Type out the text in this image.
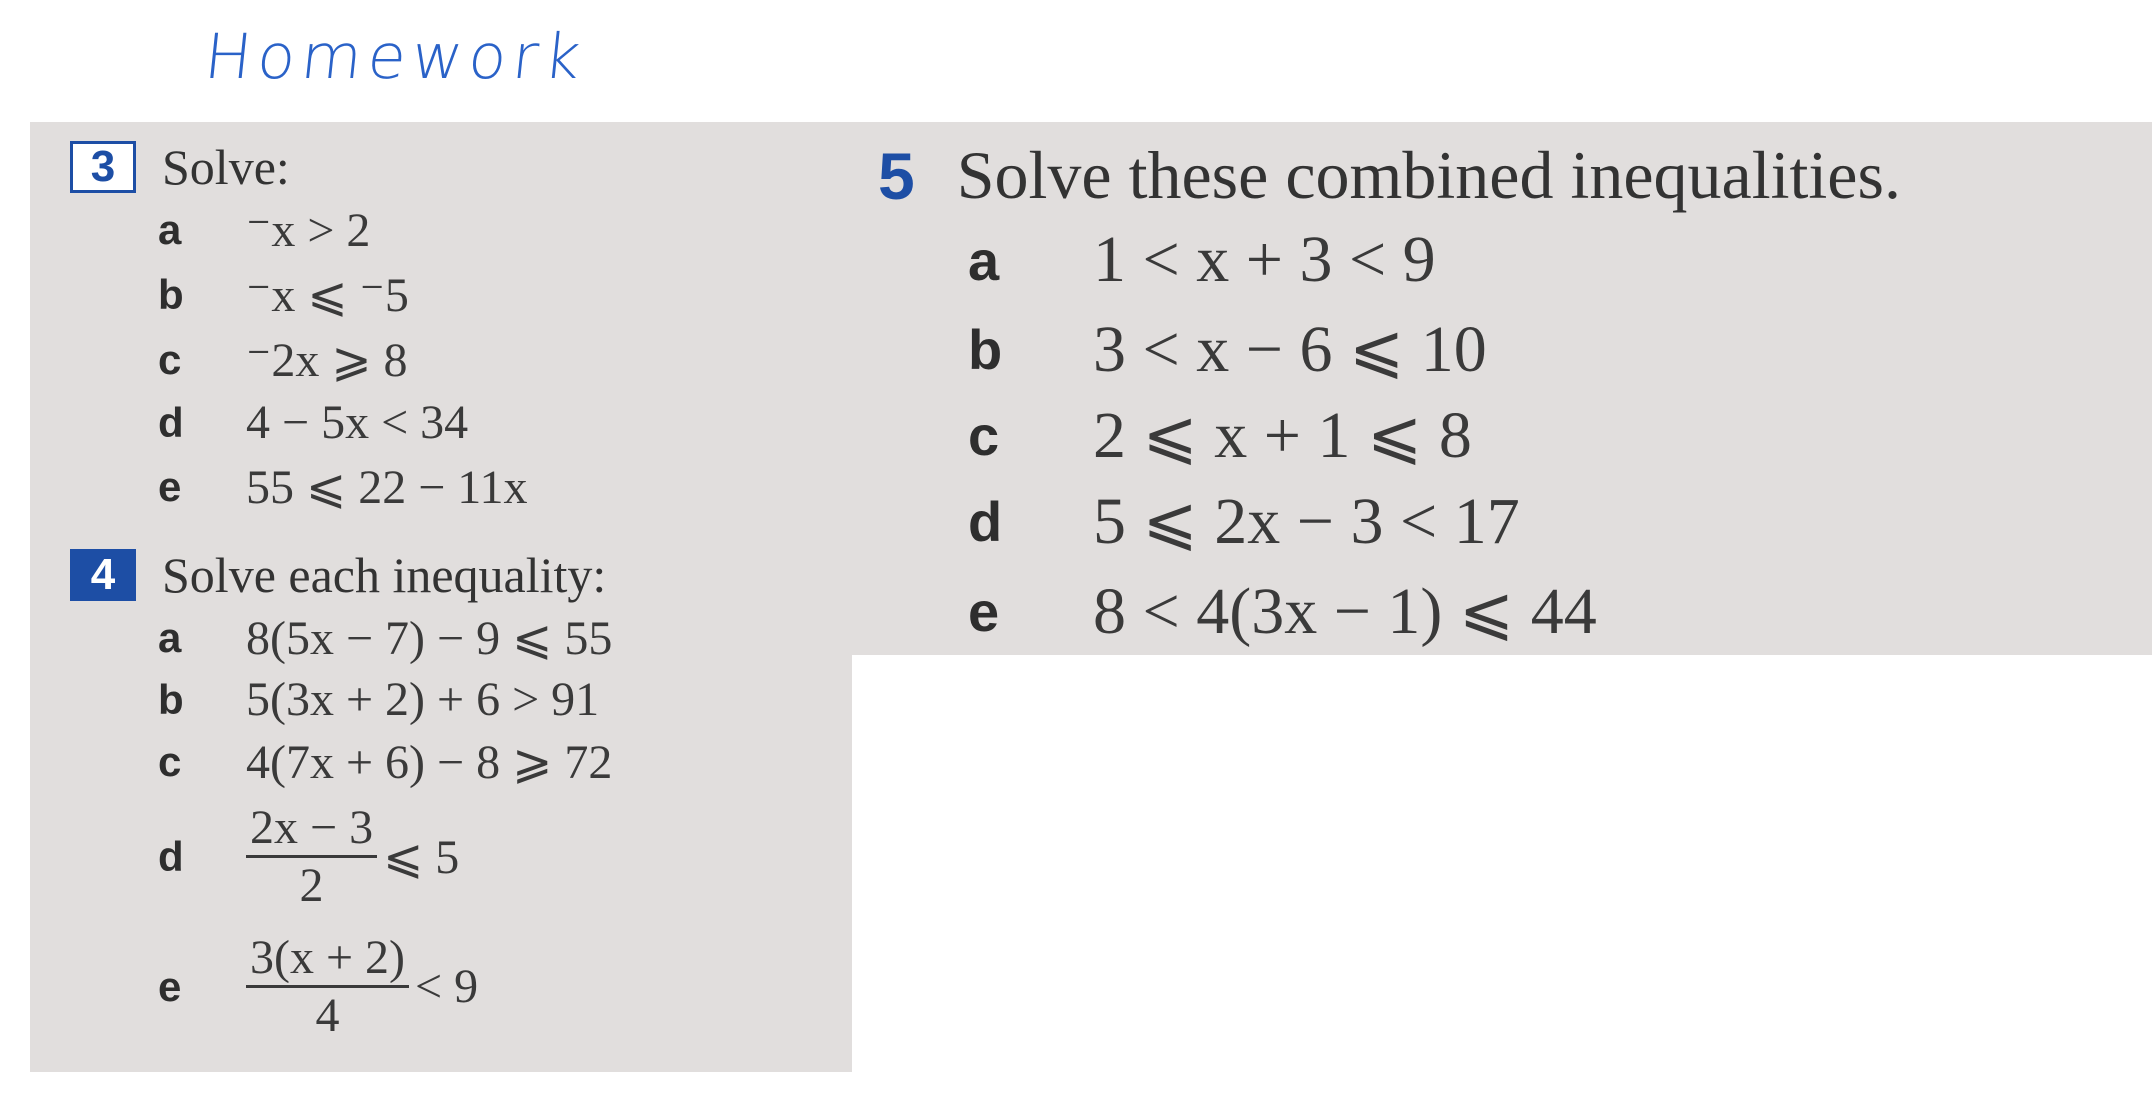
Homework
3 Solve:
a	⁻x > 2
b	⁻x ⩽ ⁻5
c	⁻2x ⩾ 8
d	4 − 5x < 34
e	55 ⩽ 22 − 11x
4 Solve each inequality:
a	8(5x − 7) − 9 ⩽ 55
b	5(3x + 2) + 6 > 91
c	4(7x + 6) − 8 ⩾ 72
d	$\frac{2x - 3}{2}$ ⩽ 5
e	$\frac{3(x + 2)}{4} < 9$
5 Solve these combined inequalities.
a	1 < x + 3 < 9
b	3 < x − 6 ⩽ 10
c	2 ⩽ x + 1 ⩽ 8
d	5 ⩽ 2x − 3 < 17
e	8 < 4(3x − 1) ⩽ 44
